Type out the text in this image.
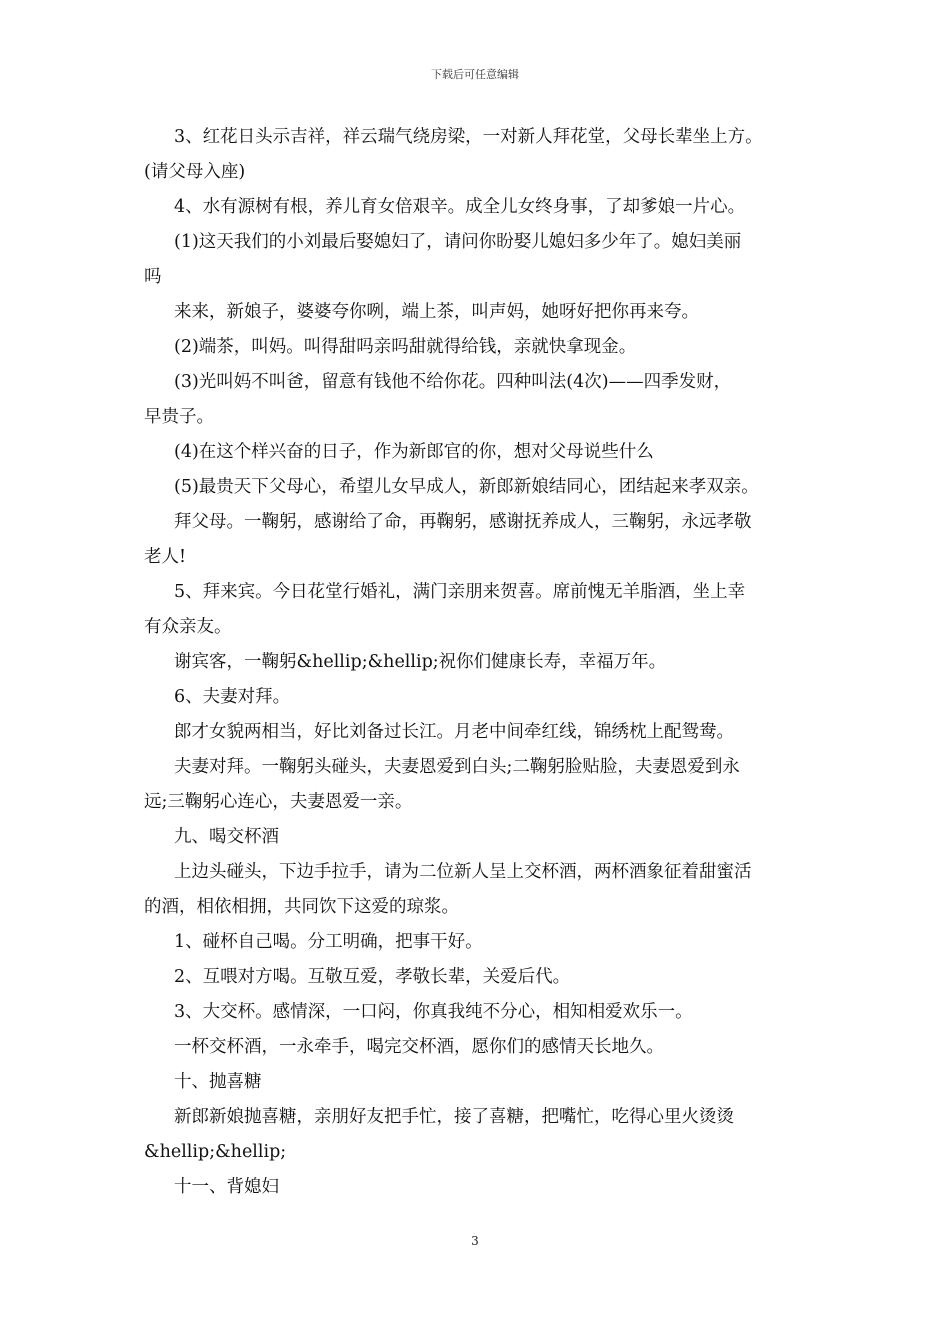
下载后可任意编辑

3、红花日头示吉祥，祥云瑞气绕房梁，一对新人拜花堂，父母长辈坐上方。

(请父母入座)

4、水有源树有根，养儿育女倍艰辛。成全儿女终身事，了却爹娘一片心。

(1)这天我们的小刘最后娶媳妇了，请问你盼娶儿媳妇多少年了。媳妇美丽

吗

来来，新娘子，婆婆夸你咧，端上茶，叫声妈，她呀好把你再来夸。

(2)端茶，叫妈。叫得甜吗亲吗甜就得给钱，亲就快拿现金。

(3)光叫妈不叫爸，留意有钱他不给你花。四种叫法(4次)——四季发财，

早贵子。

(4)在这个样兴奋的日子，作为新郎官的你，想对父母说些什么

(5)最贵天下父母心，希望儿女早成人，新郎新娘结同心，团结起来孝双亲。

拜父母。一鞠躬，感谢给了命，再鞠躬，感谢抚养成人，三鞠躬，永远孝敬

老人!

5、拜来宾。今日花堂行婚礼，满门亲朋来贺喜。席前愧无羊脂酒，坐上幸

有众亲友。

谢宾客，一鞠躬&hellip;&hellip;祝你们健康长寿，幸福万年。

6、夫妻对拜。

郎才女貌两相当，好比刘备过长江。月老中间牵红线，锦绣枕上配鸳鸯。

夫妻对拜。一鞠躬头碰头，夫妻恩爱到白头;二鞠躬脸贴脸，夫妻恩爱到永

远;三鞠躬心连心，夫妻恩爱一亲。

九、喝交杯酒

上边头碰头，下边手拉手，请为二位新人呈上交杯酒，两杯酒象征着甜蜜活

的酒，相依相拥，共同饮下这爱的琼浆。

1、碰杯自己喝。分工明确，把事干好。

2、互喂对方喝。互敬互爱，孝敬长辈，关爱后代。

3、大交杯。感情深，一口闷，你真我纯不分心，相知相爱欢乐一。

一杯交杯酒，一永牵手，喝完交杯酒，愿你们的感情天长地久。

十、抛喜糖

新郎新娘抛喜糖，亲朋好友把手忙，接了喜糖，把嘴忙，吃得心里火烫烫

&hellip;&hellip;

十一、背媳妇

3
